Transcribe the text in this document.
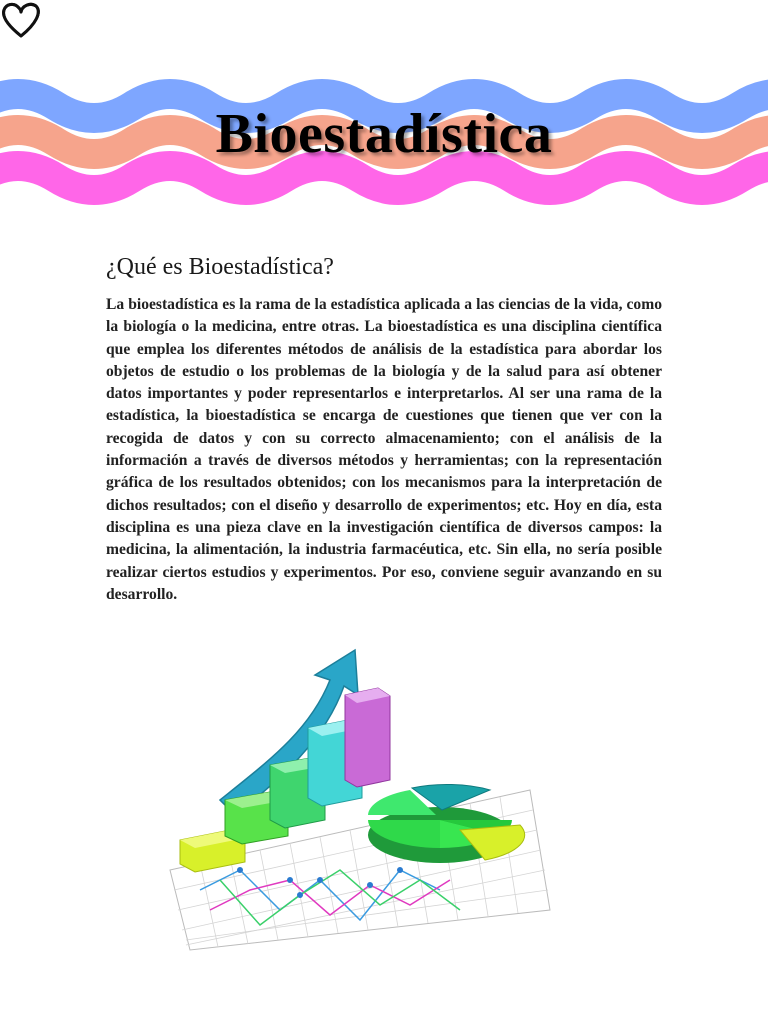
Bioestadística
¿Qué es Bioestadística?

La bioestadística es la rama de la estadística aplicada a las ciencias de la vida, como la biología o la medicina, entre otras. La bioestadística es una disciplina científica que emplea los diferentes métodos de análisis de la estadística para abordar los objetos de estudio o los problemas de la biología y de la salud para así obtener datos importantes y poder representarlos e interpretarlos. Al ser una rama de la estadística, la bioestadística se encarga de cuestiones que tienen que ver con la recogida de datos y con su correcto almacenamiento; con el análisis de la información a través de diversos métodos y herramientas; con la representación gráfica de los resultados obtenidos; con los mecanismos para la interpretación de dichos resultados; con el diseño y desarrollo de experimentos; etc. Hoy en día, esta disciplina es una pieza clave en la investigación científica de diversos campos: la medicina, la alimentación, la industria farmacéutica, etc. Sin ella, no sería posible realizar ciertos estudios y experimentos. Por eso, conviene seguir avanzando en su desarrollo.
